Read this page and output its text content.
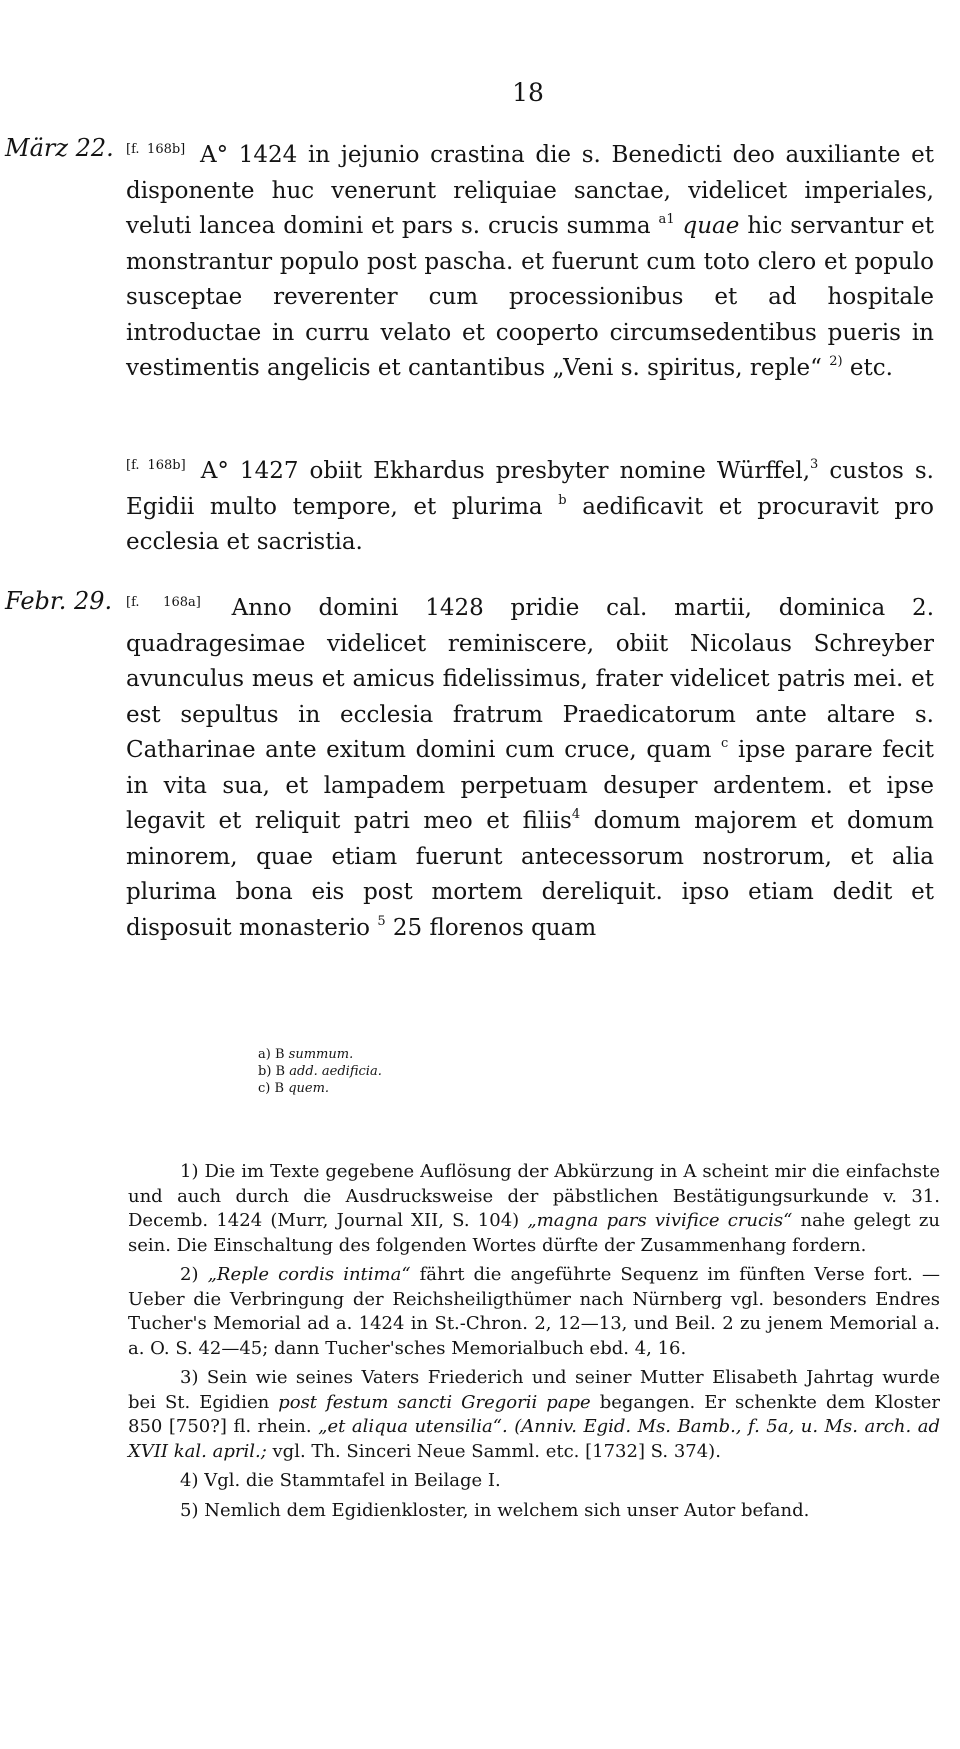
18
März 22. [f. 168b] A° 1424 in jejunio crastina die s. Benedicti deo auxiliante et disponente huc venerunt reliquiae sanctae, videlicet imperiales, veluti lancea domini et pars s. crucis summa $^{a1}$ quae hic servantur et monstrantur populo post pascha. et fuerunt cum toto clero et populo susceptae reverenter cum processionibus et ad hospitale introductae in curru velato et cooperto circumsedentibus pueris in vestimentis angelicis et cantantibus „Veni s. spiritus, reple“ $^{2)}$ etc.

[f. 168b] A° 1427 obiit Ekhardus presbyter nomine Würffel,$^3$ custos s. Egidii multo tempore, et plurima $^b$ aedificavit et procuravit pro ecclesia et sacristia.

Febr. 29. [f. 168a] Anno domini 1428 pridie cal. martii, dominica 2. quadragesimae videlicet reminiscere, obiit Nicolaus Schreyber avunculus meus et amicus fidelissimus, frater videlicet patris mei. et est sepultus in ecclesia fratrum Praedicatorum ante altare s. Catharinae ante exitum domini cum cruce, quam $^c$ ipse parare fecit in vita sua, et lampadem perpetuam desuper ardentem. et ipse legavit et reliquit patri meo et filiis$^4$ domum majorem et domum minorem, quae etiam fuerunt antecessorum nostrorum, et alia plurima bona eis post mortem dereliquit. ipso etiam dedit et disposuit monasterio $^5$ 25 florenos quam

a) B summum.
b) B add. aedificia.
c) B quem.

1) Die im Texte gegebene Auflösung der Abkürzung in A scheint mir die einfachste und auch durch die Ausdrucksweise der päbstlichen Bestätigungsurkunde v. 31. Decemb. 1424 (Murr, Journal XII, S. 104) „magna pars vivifice crucis“ nahe gelegt zu sein. Die Einschaltung des folgenden Wortes dürfte der Zusammenhang fordern.

2) „Reple cordis intima“ fährt die angeführte Sequenz im fünften Verse fort. — Ueber die Verbringung der Reichsheiligthümer nach Nürnberg vgl. besonders Endres Tucher's Memorial ad a. 1424 in St.-Chron. 2, 12—13, und Beil. 2 zu jenem Memorial a. a. O. S. 42—45; dann Tucher'sches Memorialbuch ebd. 4, 16.

3) Sein wie seines Vaters Friederich und seiner Mutter Elisabeth Jahrtag wurde bei St. Egidien post festum sancti Gregorii pape begangen. Er schenkte dem Kloster 850 [750?] fl. rhein. „et aliqua utensilia“. (Anniv. Egid. Ms. Bamb., f. 5a, u. Ms. arch. ad XVII kal. april.; vgl. Th. Sinceri Neue Samml. etc. [1732] S. 374).

4) Vgl. die Stammtafel in Beilage I.

5) Nemlich dem Egidienkloster, in welchem sich unser Autor befand.
